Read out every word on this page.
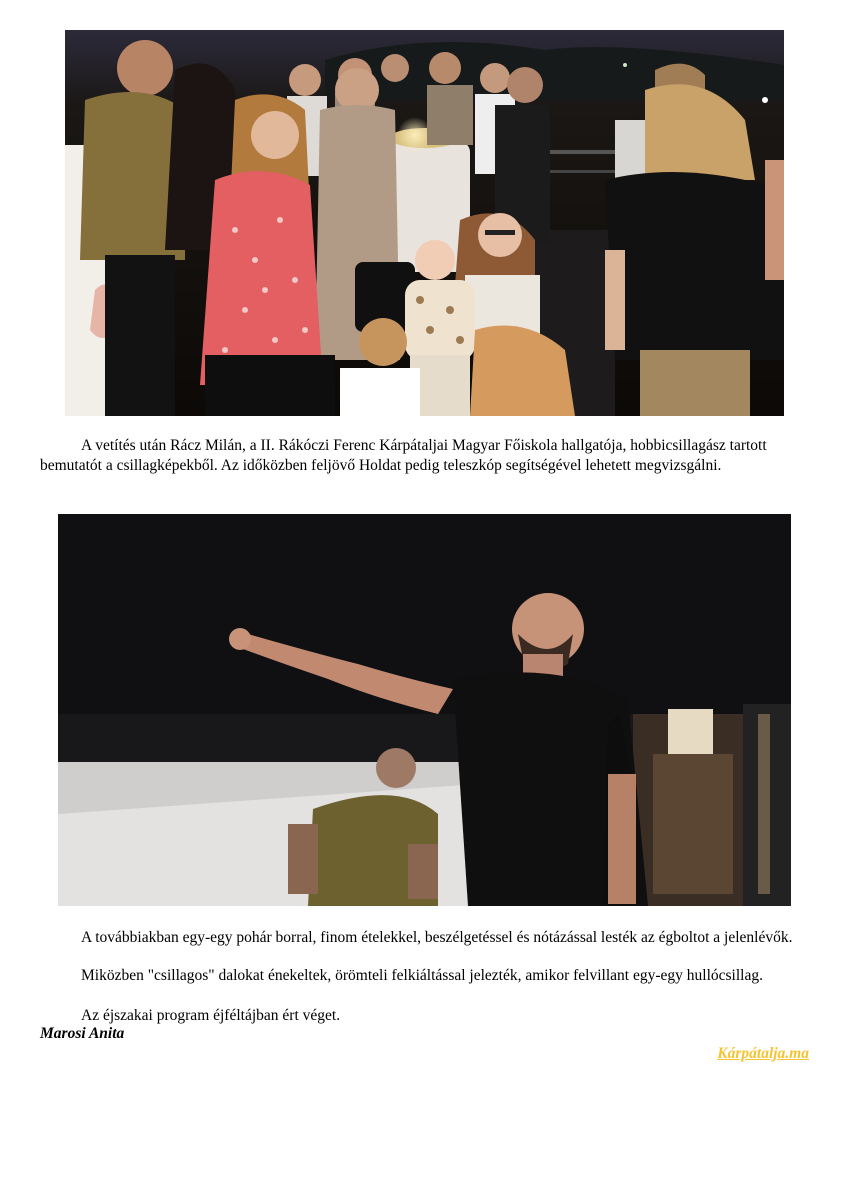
A vetítés után Rácz Milán, a II. Rákóczi Ferenc Kárpátaljai Magyar Főiskola hallgatója, hobbicsillagász tartott bemutatót a csillagképekből. Az időközben feljövő Holdat pedig teleszkóp segítségével lehetett megvizsgálni.

A továbbiakban egy-egy pohár borral, finom ételekkel, beszélgetéssel és nótázással lesték az égboltot a jelenlévők.

Miközben "csillagos" dalokat énekeltek, örömteli felkiáltással jelezték, amikor felvillant egy-egy hullócsillag.

Az éjszakai program éjféltájban ért véget.

Marosi Anita
Kárpátalja.ma
